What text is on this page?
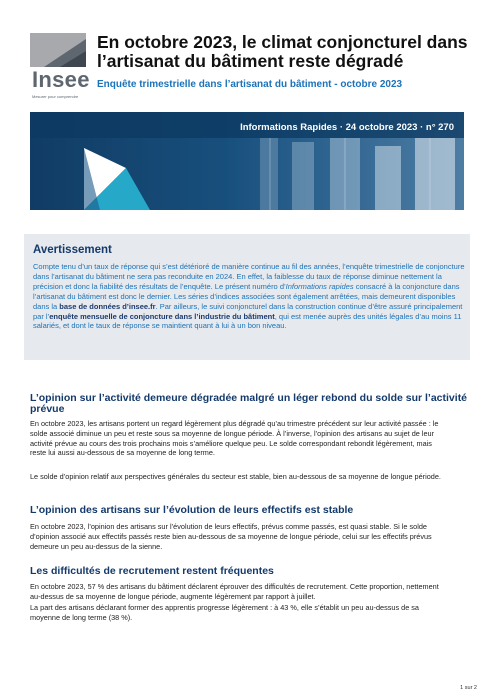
Insee
Mesurer pour comprendre
En octobre 2023, le climat conjoncturel dans l’artisanat du bâtiment reste dégradé
Enquête trimestrielle dans l’artisanat du bâtiment - octobre 2023
Informations Rapides · 24 octobre 2023 · n° 270
Avertissement
Compte tenu d’un taux de réponse qui s’est détérioré de manière continue au fil des années, l’enquête trimestrielle de conjoncture dans l’artisanat du bâtiment ne sera pas reconduite en 2024. En effet, la faiblesse du taux de réponse diminue nettement la précision et donc la fiabilité des résultats de l’enquête. Le présent numéro d’Informations rapides consacré à la conjoncture dans l’artisanat du bâtiment est donc le dernier. Les séries d’indices associées sont également arrêtées, mais demeurent disponibles dans la base de données d’insee.fr. Par ailleurs, le suivi conjoncturel dans la construction continue d’être assuré principalement par l’enquête mensuelle de conjoncture dans l’industrie du bâtiment, qui est menée auprès des unités légales d’au moins 11 salariés, et dont le taux de réponse se maintient quant à lui à un bon niveau.
L’opinion sur l’activité demeure dégradée malgré un léger rebond du solde sur l’activité prévue
En octobre 2023, les artisans portent un regard légèrement plus dégradé qu’au trimestre précédent sur leur activité passée : le solde associé diminue un peu et reste sous sa moyenne de longue période. À l’inverse, l’opinion des artisans au sujet de leur activité prévue au cours des trois prochains mois s’améliore quelque peu. Le solde correspondant rebondit légèrement, mais reste lui aussi au-dessous de sa moyenne de long terme.
Le solde d’opinion relatif aux perspectives générales du secteur est stable, bien au-dessous de sa moyenne de longue période.
L’opinion des artisans sur l’évolution de leurs effectifs est stable
En octobre 2023, l’opinion des artisans sur l’évolution de leurs effectifs, prévus comme passés, est quasi stable. Si le solde d’opinion associé aux effectifs passés reste bien au-dessous de sa moyenne de longue période, celui sur les effectifs prévus demeure un peu au-dessus de la sienne.
Les difficultés de recrutement restent fréquentes
En octobre 2023, 57 % des artisans du bâtiment déclarent éprouver des difficultés de recrutement. Cette proportion, nettement au-dessus de sa moyenne de longue période, augmente légèrement par rapport à juillet.
La part des artisans déclarant former des apprentis progresse légèrement : à 43 %, elle s’établit un peu au-dessus de sa moyenne de long terme (38 %).
1 sur 2
